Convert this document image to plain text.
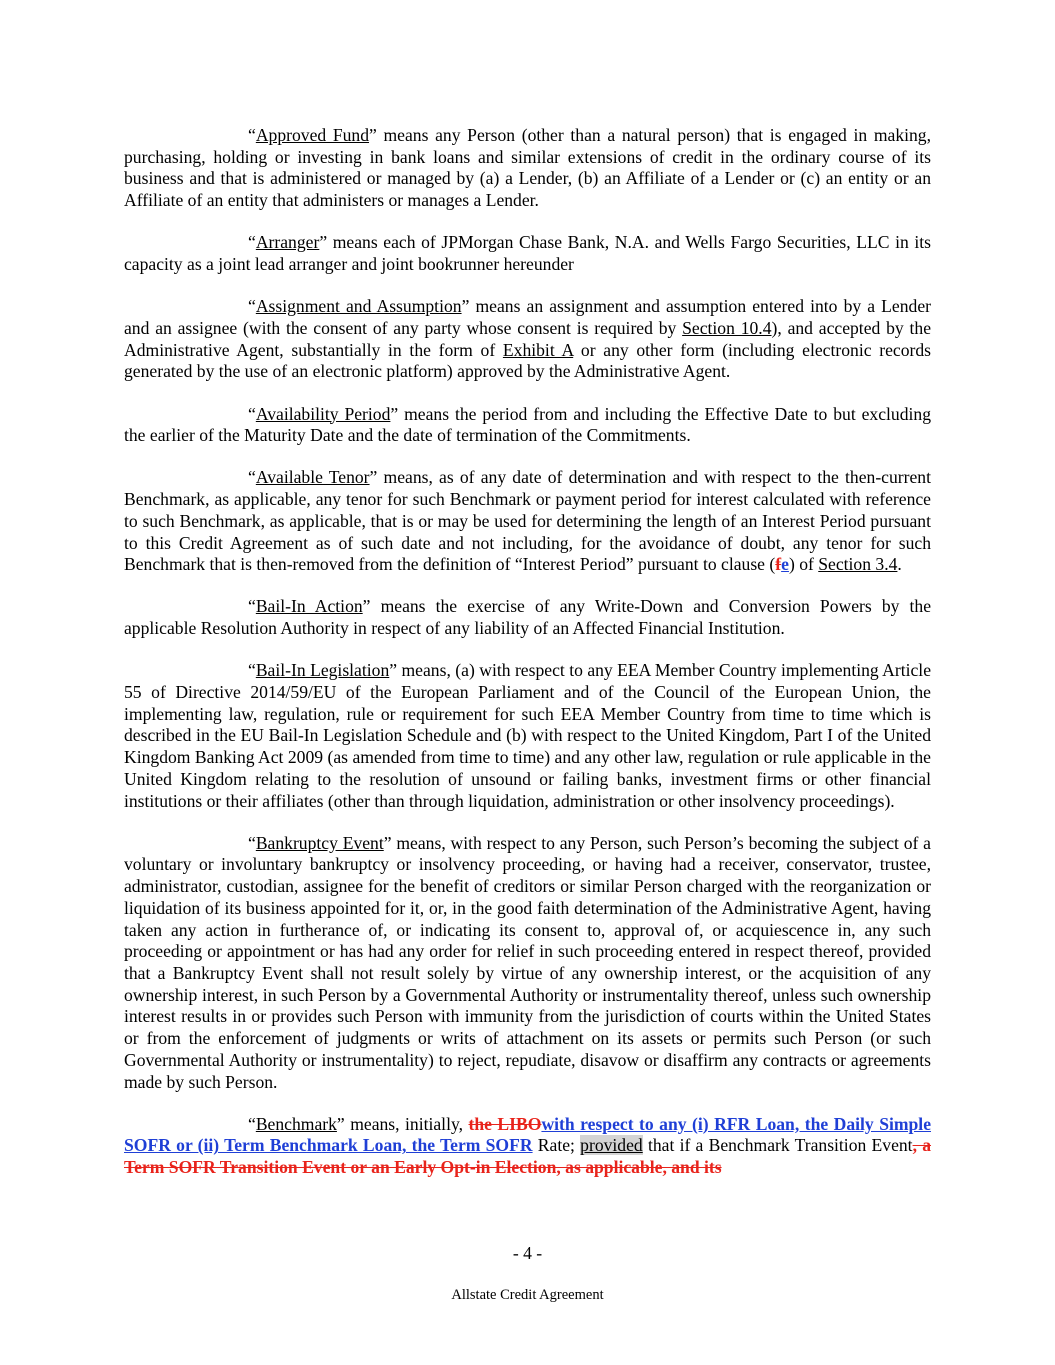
“Approved Fund” means any Person (other than a natural person) that is engaged in making, purchasing, holding or investing in bank loans and similar extensions of credit in the ordinary course of its business and that is administered or managed by (a) a Lender, (b) an Affiliate of a Lender or (c) an entity or an Affiliate of an entity that administers or manages a Lender.

“Arranger” means each of JPMorgan Chase Bank, N.A. and Wells Fargo Securities, LLC in its capacity as a joint lead arranger and joint bookrunner hereunder

“Assignment and Assumption” means an assignment and assumption entered into by a Lender and an assignee (with the consent of any party whose consent is required by Section 10.4), and accepted by the Administrative Agent, substantially in the form of Exhibit A or any other form (including electronic records generated by the use of an electronic platform) approved by the Administrative Agent.

“Availability Period” means the period from and including the Effective Date to but excluding the earlier of the Maturity Date and the date of termination of the Commitments.

“Available Tenor” means, as of any date of determination and with respect to the then-current Benchmark, as applicable, any tenor for such Benchmark or payment period for interest calculated with reference to such Benchmark, as applicable, that is or may be used for determining the length of an Interest Period pursuant to this Credit Agreement as of such date and not including, for the avoidance of doubt, any tenor for such Benchmark that is then-removed from the definition of “Interest Period” pursuant to clause (fe) of Section 3.4.

“Bail-In Action” means the exercise of any Write-Down and Conversion Powers by the applicable Resolution Authority in respect of any liability of an Affected Financial Institution.

“Bail-In Legislation” means, (a) with respect to any EEA Member Country implementing Article 55 of Directive 2014/59/EU of the European Parliament and of the Council of the European Union, the implementing law, regulation, rule or requirement for such EEA Member Country from time to time which is described in the EU Bail-In Legislation Schedule and (b) with respect to the United Kingdom, Part I of the United Kingdom Banking Act 2009 (as amended from time to time) and any other law, regulation or rule applicable in the United Kingdom relating to the resolution of unsound or failing banks, investment firms or other financial institutions or their affiliates (other than through liquidation, administration or other insolvency proceedings).

“Bankruptcy Event” means, with respect to any Person, such Person’s becoming the subject of a voluntary or involuntary bankruptcy or insolvency proceeding, or having had a receiver, conservator, trustee, administrator, custodian, assignee for the benefit of creditors or similar Person charged with the reorganization or liquidation of its business appointed for it, or, in the good faith determination of the Administrative Agent, having taken any action in furtherance of, or indicating its consent to, approval of, or acquiescence in, any such proceeding or appointment or has had any order for relief in such proceeding entered in respect thereof, provided that a Bankruptcy Event shall not result solely by virtue of any ownership interest, or the acquisition of any ownership interest, in such Person by a Governmental Authority or instrumentality thereof, unless such ownership interest results in or provides such Person with immunity from the jurisdiction of courts within the United States or from the enforcement of judgments or writs of attachment on its assets or permits such Person (or such Governmental Authority or instrumentality) to reject, repudiate, disavow or disaffirm any contracts or agreements made by such Person.

“Benchmark” means, initially, the LIBOwith respect to any (i) RFR Loan, the Daily Simple SOFR or (ii) Term Benchmark Loan, the Term SOFR Rate; provided that if a Benchmark Transition Event, a Term SOFR Transition Event or an Early Opt-in Election, as applicable, and its

- 4 -
Allstate Credit Agreement
